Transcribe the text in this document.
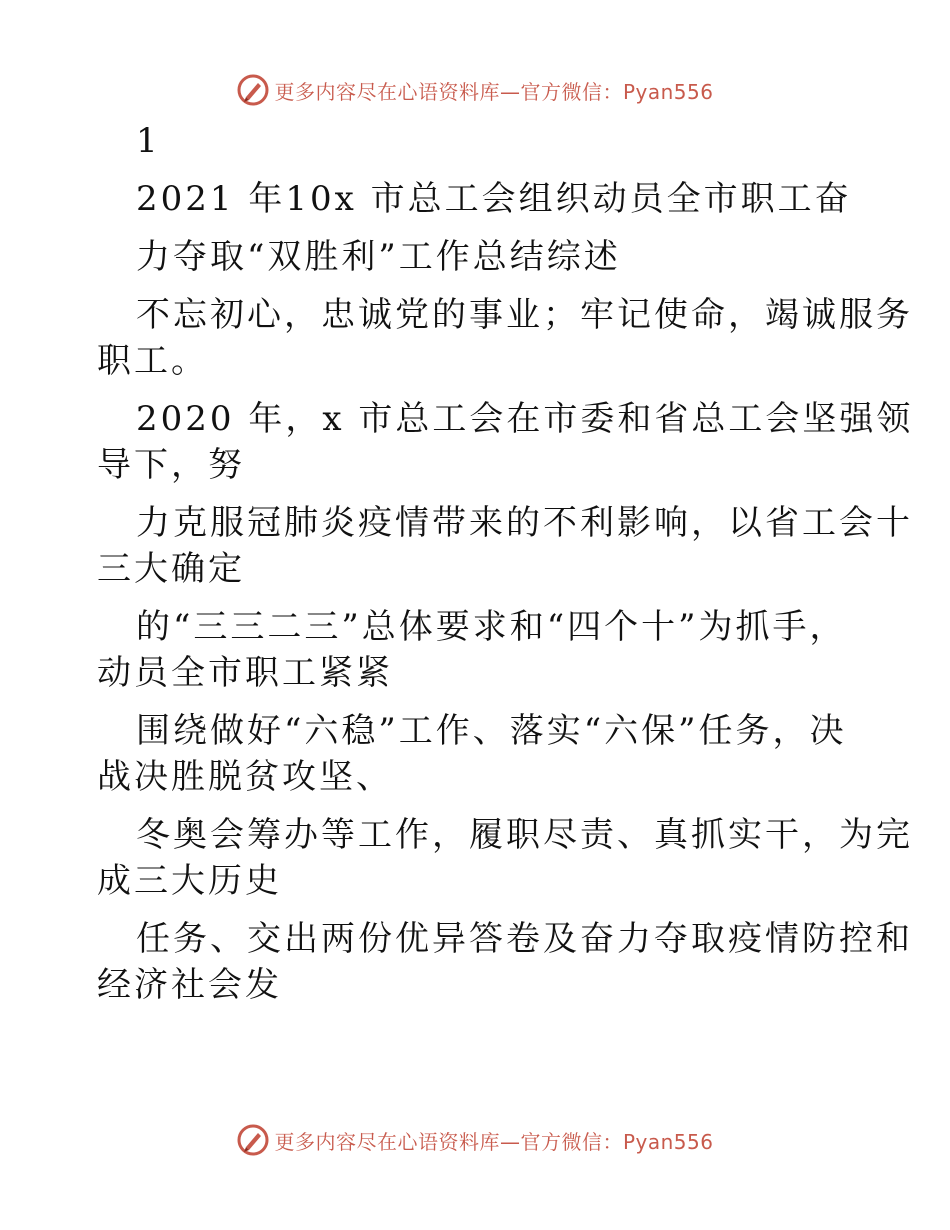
更多内容尽在心语资料库—官方微信：Pyan556
1
2021 年10x 市总工会组织动员全市职工奋
力夺取“双胜利”工作总结综述
不忘初心，忠诚党的事业；牢记使命，竭诚服务
职工。
2020 年，x 市总工会在市委和省总工会坚强领
导下，努
力克服冠肺炎疫情带来的不利影响，以省工会十
三大确定
的“三三二三”总体要求和“四个十”为抓手，
动员全市职工紧紧
围绕做好“六稳”工作、落实“六保”任务，决
战决胜脱贫攻坚、
冬奥会筹办等工作，履职尽责、真抓实干，为完
成三大历史
任务、交出两份优异答卷及奋力夺取疫情防控和
经济社会发
更多内容尽在心语资料库—官方微信：Pyan556
